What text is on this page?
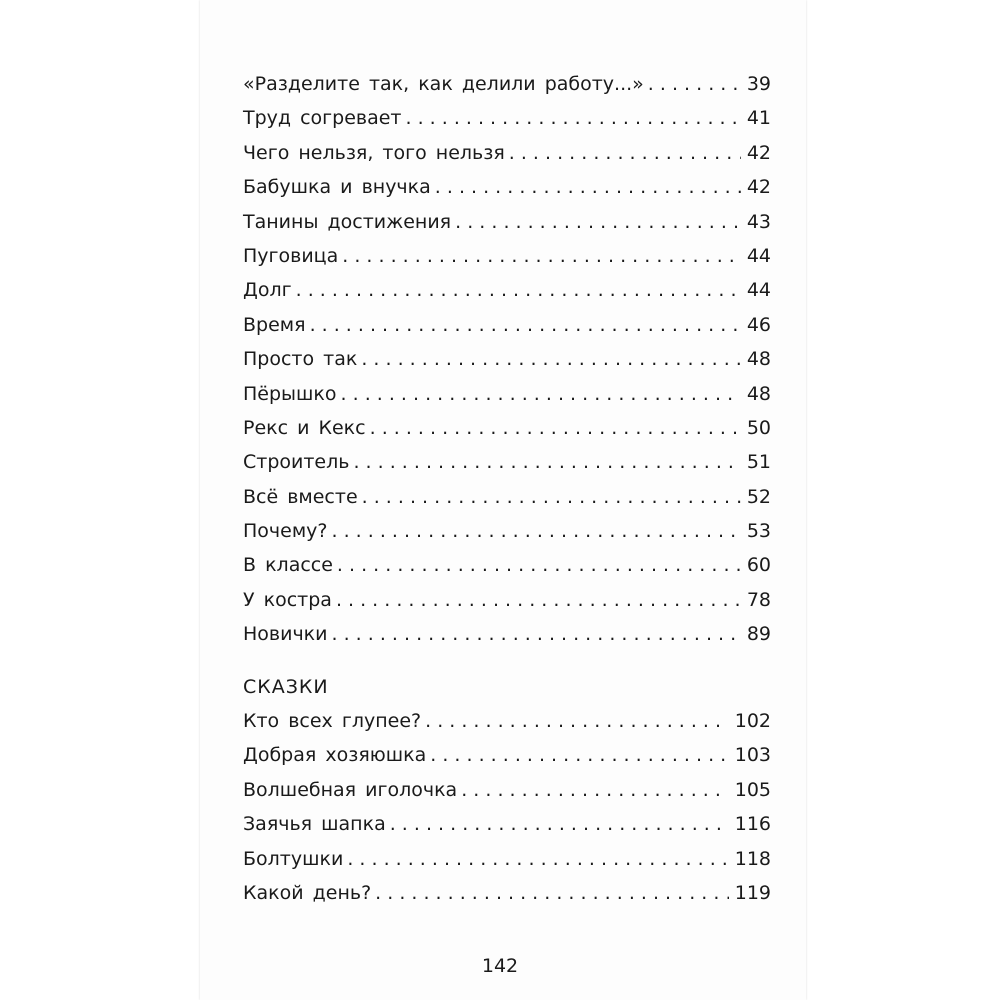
«Разделите так, как делили работу...» . . .	39
Труд согревает . . .	41
Чего нельзя, того нельзя . . .	42
Бабушка и внучка . . .	42
Танины достижения . . .	43
Пуговица . . .	44
Долг . . .	44
Время . . .	46
Просто так . . .	48
Пёрышко . . .	48
Рекс и Кекс . . .	50
Строитель . . .	51
Всё вместе . . .	52
Почему? . . .	53
В классе . . .	60
У костра . . .	78
Новички . . .	89
СКАЗКИ
Кто всех глупее? . . .	102
Добрая хозяюшка . . .	103
Волшебная иголочка . . .	105
Заячья шапка . . .	116
Болтушки . . .	118
Какой день? . . .	119
142
